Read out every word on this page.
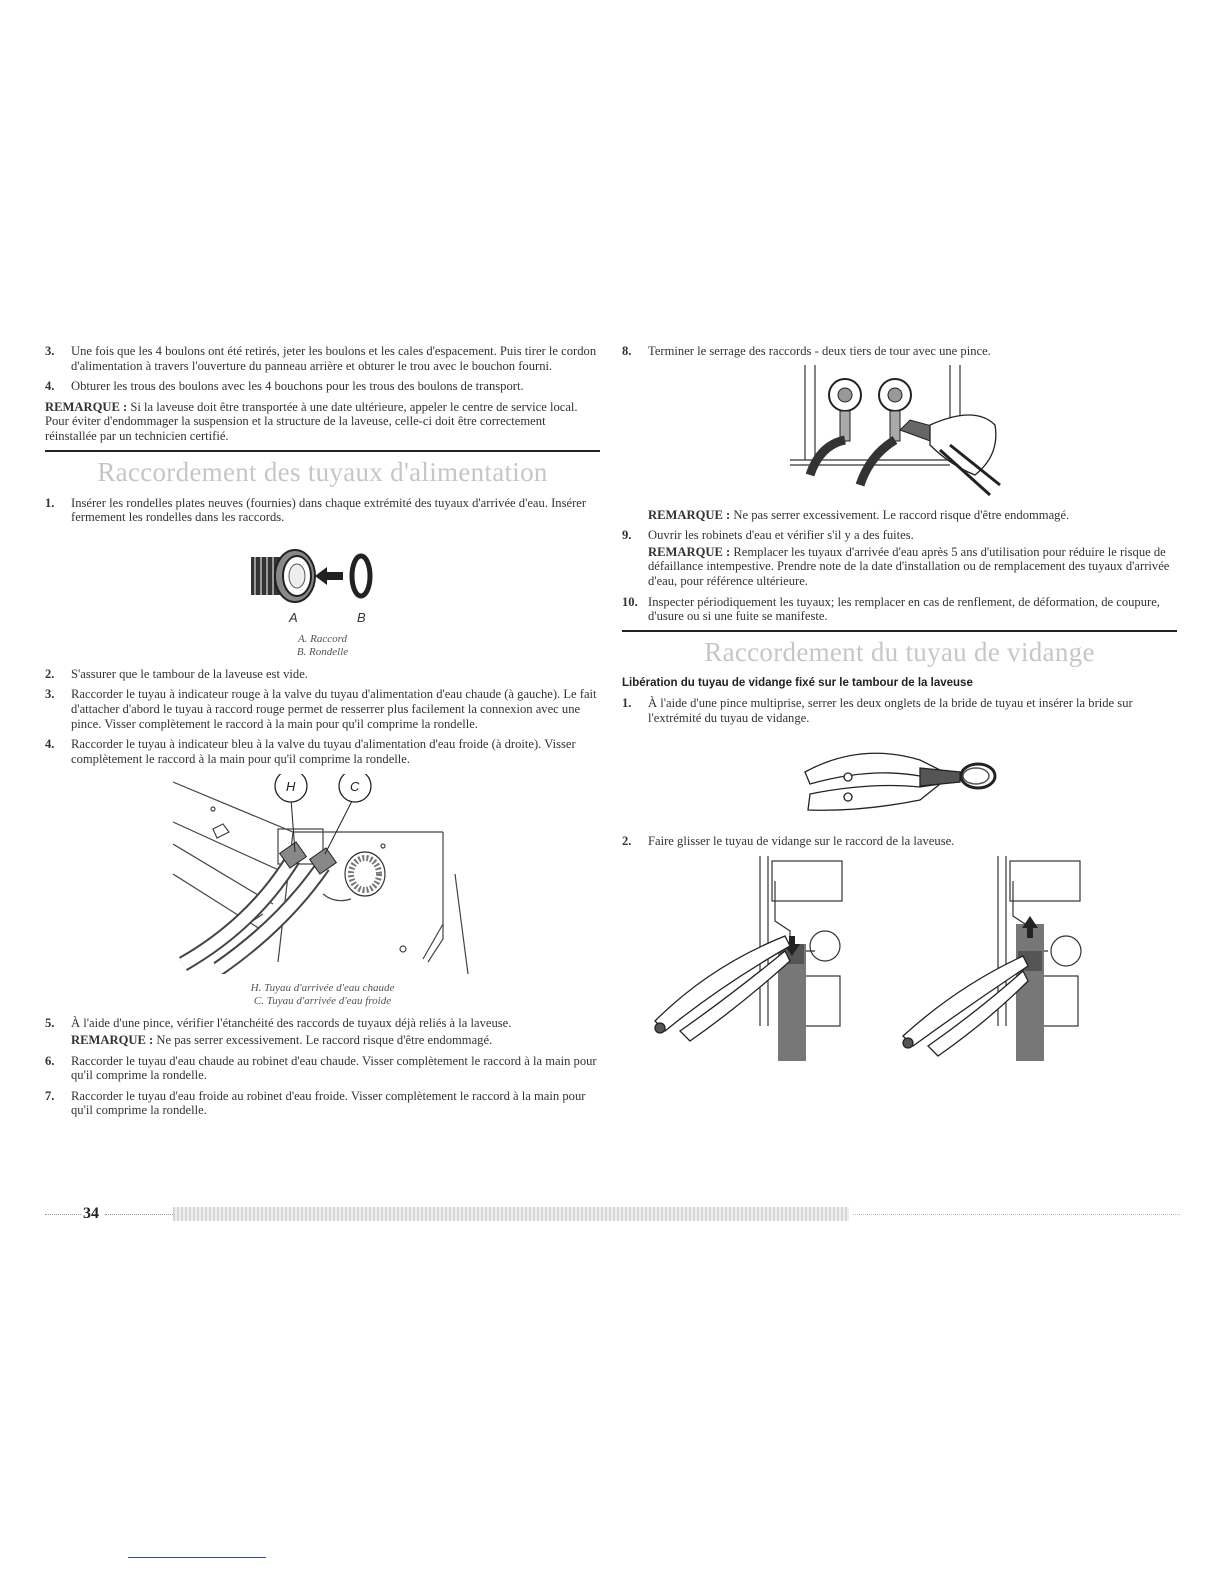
3.	Une fois que les 4 boulons ont été retirés, jeter les boulons et les cales d'espacement. Puis tirer le cordon d'alimentation à travers l'ouverture du panneau arrière et obturer le trou avec le bouchon fourni.
4.	Obturer les trous des boulons avec les 4 bouchons pour les trous des boulons de transport.
REMARQUE : Si la laveuse doit être transportée à une date ultérieure, appeler le centre de service local. Pour éviter d'endommager la suspension et la structure de la laveuse, celle-ci doit être correctement réinstallée par un technicien certifié.
Raccordement des tuyaux d'alimentation
1.	Insérer les rondelles plates neuves (fournies) dans chaque extrémité des tuyaux d'arrivée d'eau. Insérer fermement les rondelles dans les raccords.
A	B
A. Raccord
B. Rondelle
2.	S'assurer que le tambour de la laveuse est vide.
3.	Raccorder le tuyau à indicateur rouge à la valve du tuyau d'alimentation d'eau chaude (à gauche). Le fait d'attacher d'abord le tuyau à raccord rouge permet de resserrer plus facilement la connexion avec une pince. Visser complètement le raccord à la main pour qu'il comprime la rondelle.
4.	Raccorder le tuyau à indicateur bleu à la valve du tuyau d'alimentation d'eau froide (à droite). Visser complètement le raccord à la main pour qu'il comprime la rondelle.
H	C
H. Tuyau d'arrivée d'eau chaude
C. Tuyau d'arrivée d'eau froide
5.	À l'aide d'une pince, vérifier l'étanchéité des raccords de tuyaux déjà reliés à la laveuse.
REMARQUE : Ne pas serrer excessivement. Le raccord risque d'être endommagé.
6.	Raccorder le tuyau d'eau chaude au robinet d'eau chaude. Visser complètement le raccord à la main pour qu'il comprime la rondelle.
7.	Raccorder le tuyau d'eau froide au robinet d'eau froide. Visser complètement le raccord à la main pour qu'il comprime la rondelle.
8.	Terminer le serrage des raccords - deux tiers de tour avec une pince.
REMARQUE : Ne pas serrer excessivement. Le raccord risque d'être endommagé.
9.	Ouvrir les robinets d'eau et vérifier s'il y a des fuites.
REMARQUE : Remplacer les tuyaux d'arrivée d'eau après 5 ans d'utilisation pour réduire le risque de défaillance intempestive. Prendre note de la date d'installation ou de remplacement des tuyaux d'arrivée d'eau, pour référence ultérieure.
10. Inspecter périodiquement les tuyaux; les remplacer en cas de renflement, de déformation, de coupure, d'usure ou si une fuite se manifeste.
Raccordement du tuyau de vidange
Libération du tuyau de vidange fixé sur le tambour de la laveuse
1.	À l'aide d'une pince multiprise, serrer les deux onglets de la bride de tuyau et insérer la bride sur l'extrémité du tuyau de vidange.
2.	Faire glisser le tuyau de vidange sur le raccord de la laveuse.
34
